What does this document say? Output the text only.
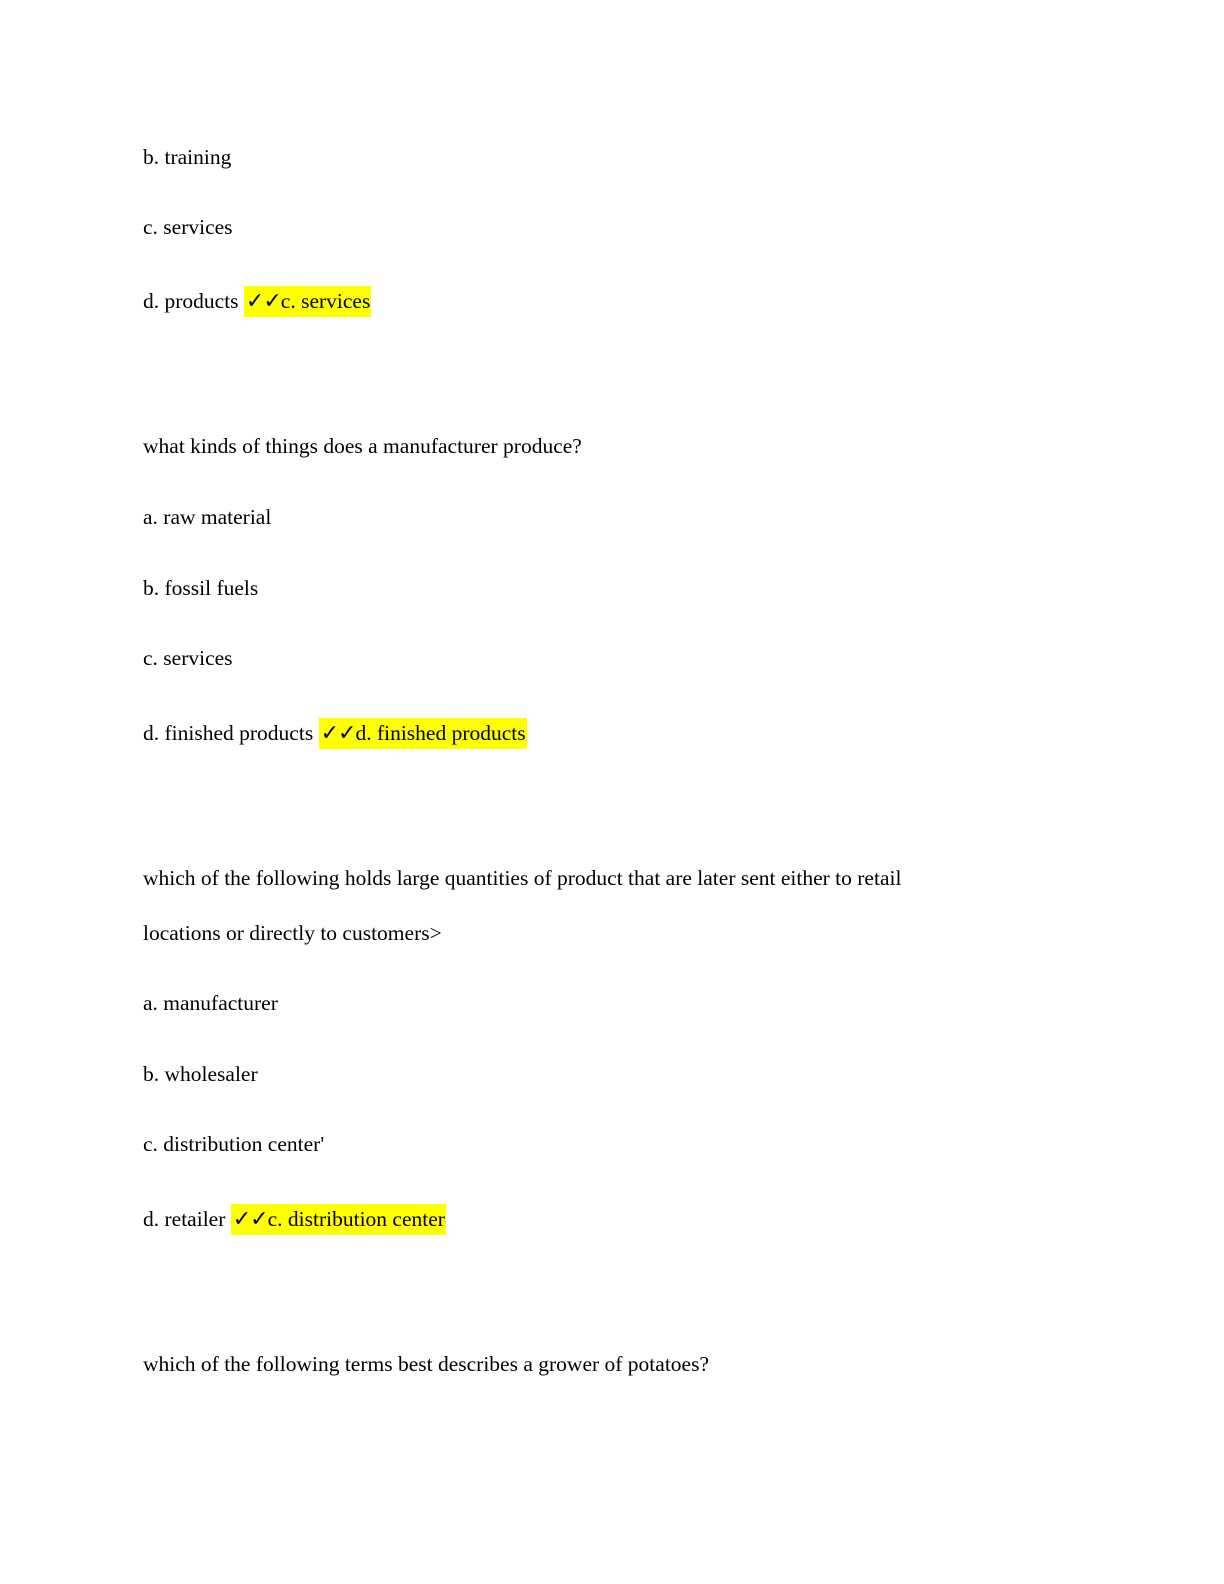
b. training
c. services
d. products ✓✓c. services
what kinds of things does a manufacturer produce?
a. raw material
b. fossil fuels
c. services
d. finished products ✓✓d. finished products
which of the following holds large quantities of product that are later sent either to retail
locations or directly to customers>
a. manufacturer
b. wholesaler
c. distribution center'
d. retailer ✓✓c. distribution center
which of the following terms best describes a grower of potatoes?
